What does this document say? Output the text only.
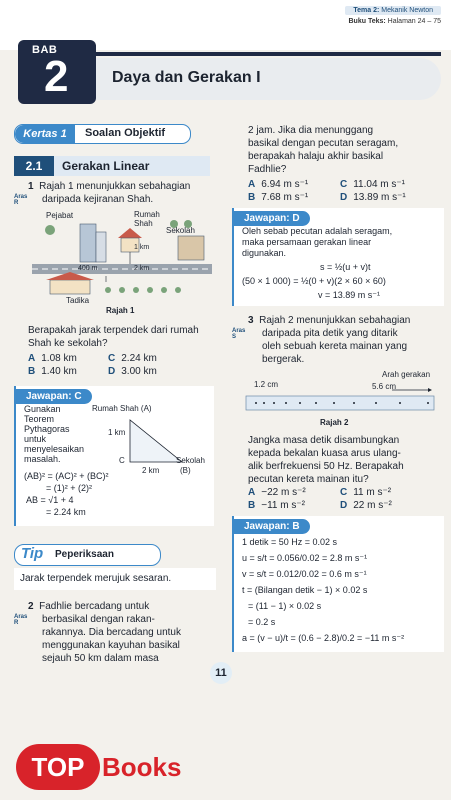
Tema 2: Mekanik Newton
Buku Teks: Halaman 24 – 75
Daya dan Gerakan I
BAB
2
Kertas 1	Soalan Objektif
2.1	Gerakan Linear
1 Rajah 1 menunjukkan sebahagian
daripada kejiranan Shah.
Aras R
Pejabat	Rumah Shah
Sekolah
1 km
400 m	2 km
Tadika
Rajah 1
Berapakah jarak terpendek dari rumah Shah ke sekolah?
A 1.08 km	C 2.24 km
B 1.40 km	D 3.00 km
Jawapan: C
Gunakan
Teorem
Pythagoras
untuk
menyelesaikan
masalah.
Rumah Shah (A)
1 km
C
2 km
Sekolah
(B)
(AB)² = (AC)² + (BC)²
= (1)² + (2)²
AB = √1 + 4
= 2.24 km
Tip Peperiksaan
Jarak terpendek merujuk sesaran.
2 Fadhlie bercadang untuk
berbasikal dengan rakan-
rakannya. Dia bercadang untuk
menggunakan kayuhan basikal
sejauh 50 km dalam masa
Aras R
TOP Books
2 jam. Jika dia menunggang
basikal dengan pecutan seragam,
berapakah halaju akhir basikal
Fadhlie?
A 6.94 m s⁻¹	C 11.04 m s⁻¹
B 7.68 m s⁻¹	D 13.89 m s⁻¹
Jawapan: D
Oleh sebab pecutan adalah seragam,
maka persamaan gerakan linear
digunakan.
s = ½(u + v)t
(50 × 1 000) = ½(0 + v)(2 × 60 × 60)
v = 13.89 m s⁻¹
3 Rajah 2 menunjukkan sebahagian
daripada pita detik yang ditarik
oleh sebuah kereta mainan yang
bergerak.
Aras S
Arah gerakan
1.2 cm	5.6 cm
Rajah 2
Jangka masa detik disambungkan
kepada bekalan kuasa arus ulang-
alik berfrekuensi 50 Hz. Berapakah
pecutan kereta mainan itu?
A −22 m s⁻²	C 11 m s⁻²
B −11 m s⁻²	D 22 m s⁻²
Jawapan: B
1 detik = 50 Hz = 0.02 s
u = s/t = 0.056/0.02 = 2.8 m s⁻¹
v = s/t = 0.012/0.02 = 0.6 m s⁻¹
t = (Bilangan detik − 1) × 0.02 s
= (11 − 1) × 0.02 s
= 0.2 s
a = (v − u)/t = (0.6 − 2.8)/0.2 = −11 m s⁻²
11
